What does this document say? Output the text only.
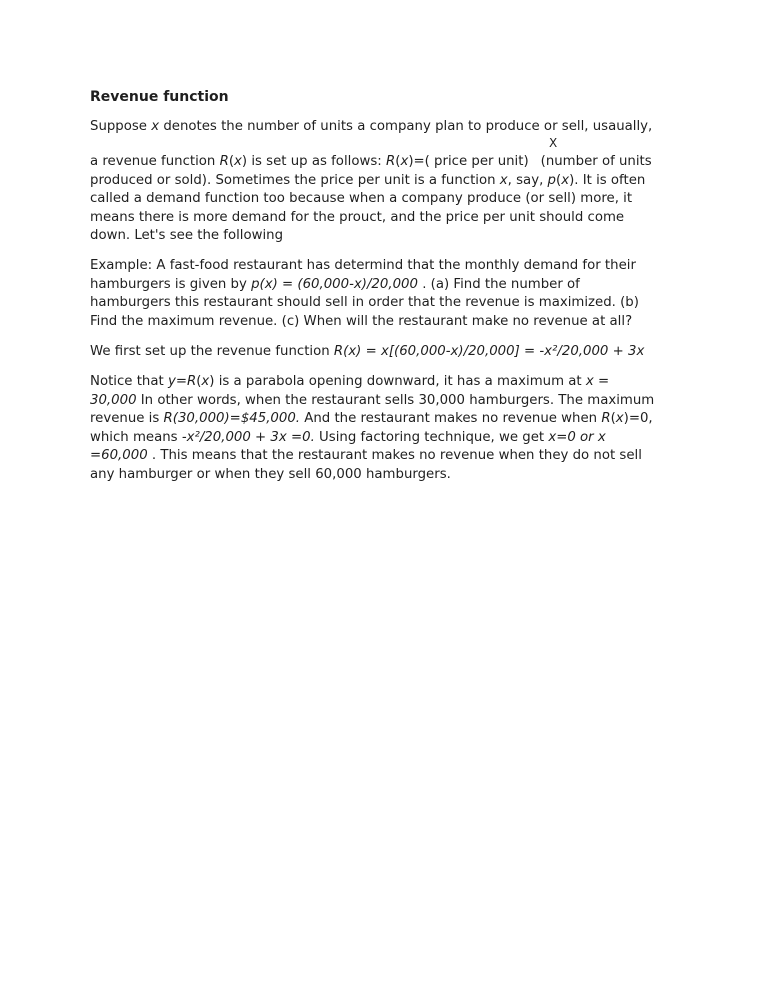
Revenue function

Suppose x denotes the number of units a company plan to produce or sell, usaually,
X
a revenue function R(x) is set up as follows: R(x)=( price per unit) (number of units
produced or sold). Sometimes the price per unit is a function x, say, p(x). It is often
called a demand function too because when a company produce (or sell) more, it
means there is more demand for the prouct, and the price per unit should come
down. Let's see the following

Example: A fast-food restaurant has determind that the monthly demand for their
hamburgers is given by p(x) = (60,000-x)/20,000 . (a) Find the number of
hamburgers this restaurant should sell in order that the revenue is maximized. (b)
Find the maximum revenue. (c) When will the restaurant make no revenue at all?

We first set up the revenue function R(x) = x[(60,000-x)/20,000] = -x²/20,000 + 3x

Notice that y=R(x) is a parabola opening downward, it has a maximum at x =
30,000 In other words, when the restaurant sells 30,000 hamburgers. The maximum
revenue is R(30,000)=$45,000. And the restaurant makes no revenue when R(x)=0,
which means -x²/20,000 + 3x =0. Using factoring technique, we get x=0 or x
=60,000 . This means that the restaurant makes no revenue when they do not sell
any hamburger or when they sell 60,000 hamburgers.
